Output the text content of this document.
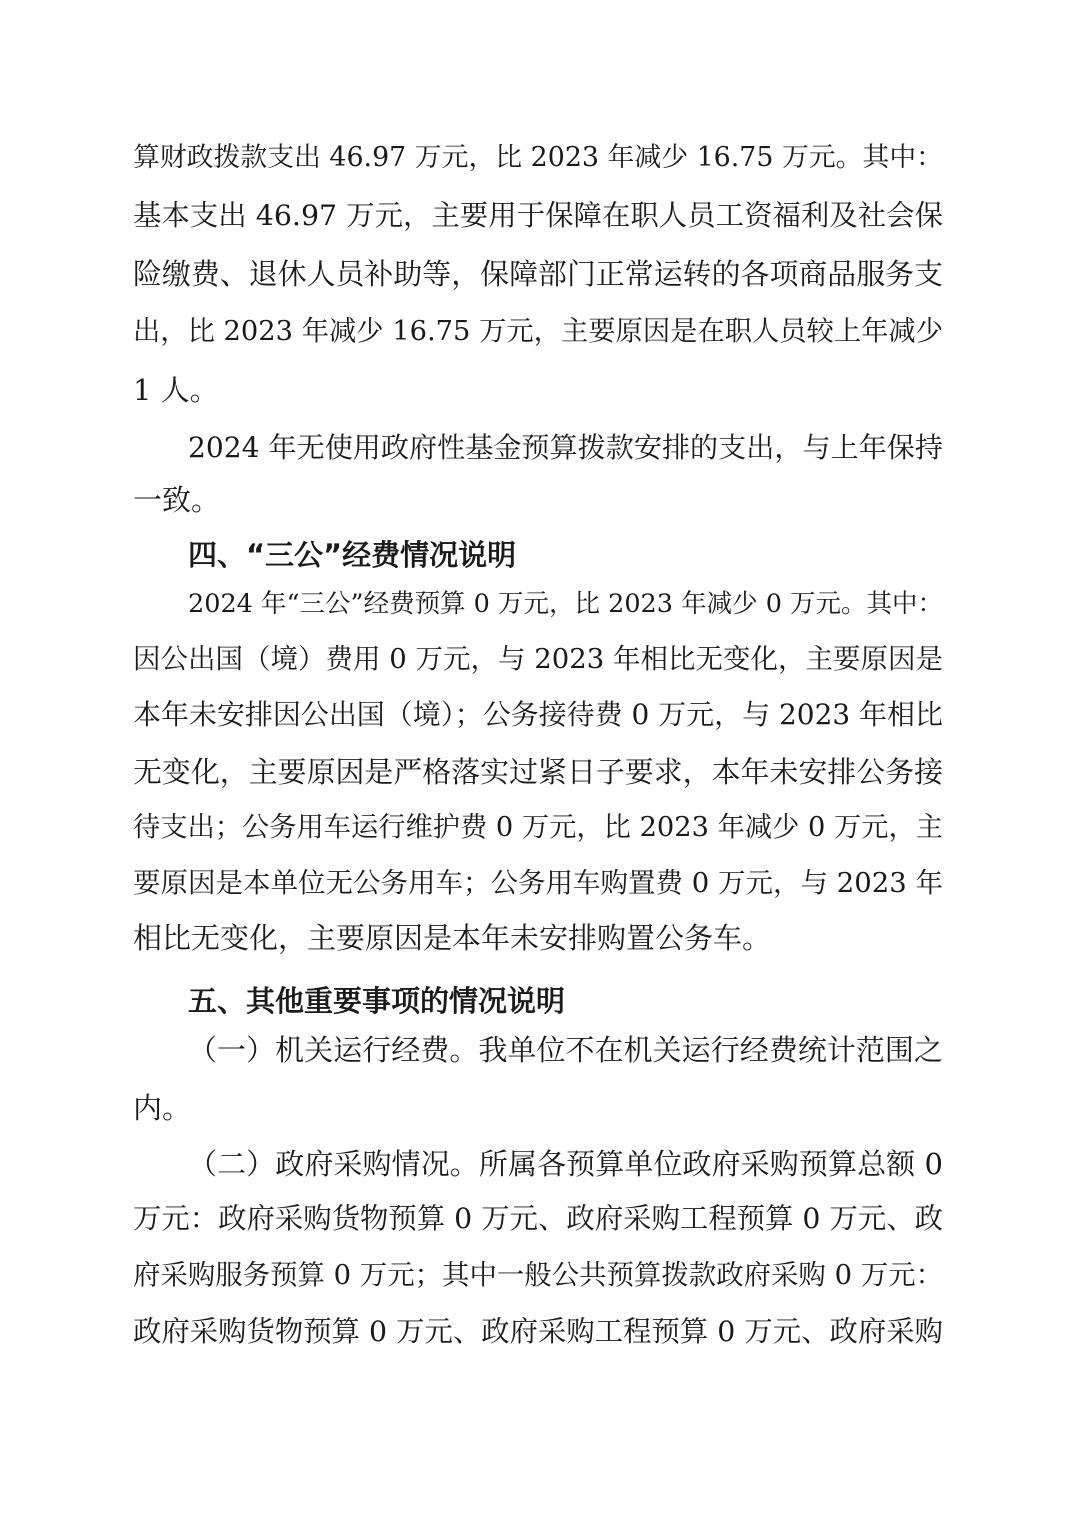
算财政拨款支出 46.97 万元，比 2023 年减少 16.75 万元。其中：
基本支出 46.97 万元，主要用于保障在职人员工资福利及社会保
险缴费、退休人员补助等，保障部门正常运转的各项商品服务支
出，比 2023 年减少 16.75 万元，主要原因是在职人员较上年减少
1 人。
2024 年无使用政府性基金预算拨款安排的支出，与上年保持
一致。
四、“三公”经费情况说明
2024 年“三公”经费预算 0 万元，比 2023 年减少 0 万元。其中：
因公出国（境）费用 0 万元，与 2023 年相比无变化，主要原因是
本年未安排因公出国（境）；公务接待费 0 万元，与 2023 年相比
无变化，主要原因是严格落实过紧日子要求，本年未安排公务接
待支出；公务用车运行维护费 0 万元，比 2023 年减少 0 万元，主
要原因是本单位无公务用车；公务用车购置费 0 万元，与 2023 年
相比无变化，主要原因是本年未安排购置公务车。
五、其他重要事项的情况说明
（一）机关运行经费。我单位不在机关运行经费统计范围之
内。
（二）政府采购情况。所属各预算单位政府采购预算总额 0
万元：政府采购货物预算 0 万元、政府采购工程预算 0 万元、政
府采购服务预算 0 万元；其中一般公共预算拨款政府采购 0 万元：
政府采购货物预算 0 万元、政府采购工程预算 0 万元、政府采购
